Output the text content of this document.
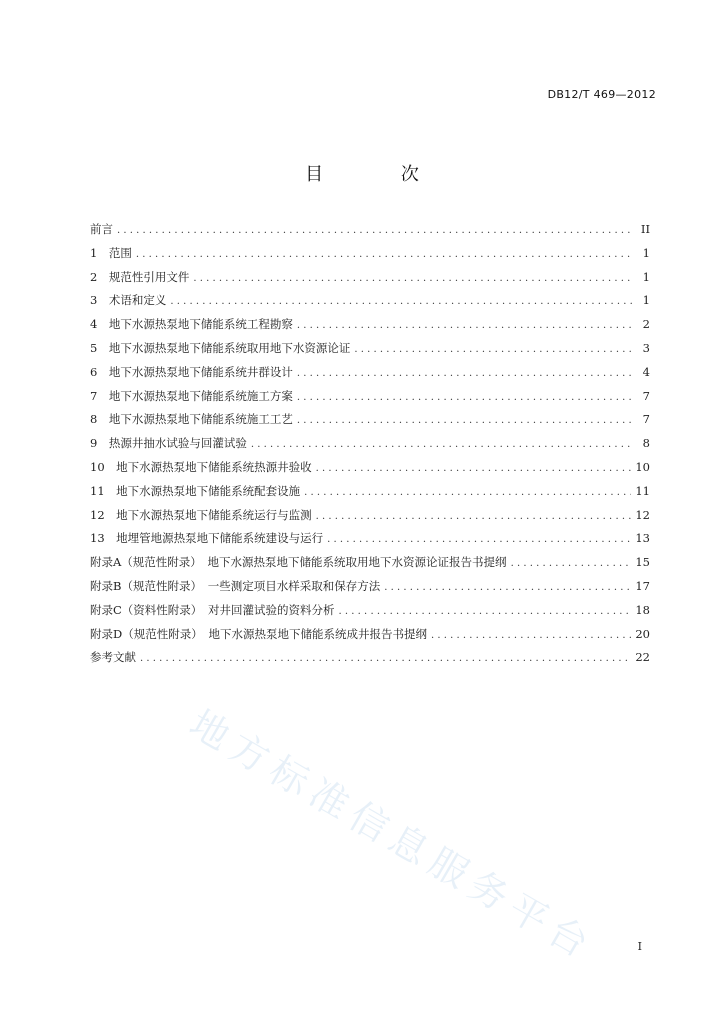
DB12/T 469—2012
目 次
前言 .....	II
1　范围 .....	1
2　规范性引用文件 .....	1
3　术语和定义 .....	1
4　地下水源热泵地下储能系统工程勘察 .....	2
5　地下水源热泵地下储能系统取用地下水资源论证 .....	3
6　地下水源热泵地下储能系统井群设计 .....	4
7　地下水源热泵地下储能系统施工方案 .....	7
8　地下水源热泵地下储能系统施工工艺 .....	7
9　热源井抽水试验与回灌试验 .....	8
10　地下水源热泵地下储能系统热源井验收 .....	10
11　地下水源热泵地下储能系统配套设施 .....	11
12　地下水源热泵地下储能系统运行与监测 .....	12
13　地埋管地源热泵地下储能系统建设与运行 .....	13
附录A（规范性附录）　地下水源热泵地下储能系统取用地下水资源论证报告书提纲 .....	15
附录B（规范性附录）　一些测定项目水样采取和保存方法 .....	17
附录C（资料性附录）　对井回灌试验的资料分析 .....	18
附录D（规范性附录）　地下水源热泵地下储能系统成井报告书提纲 .....	20
参考文献 .....	22
地方标准信息服务平台	I
